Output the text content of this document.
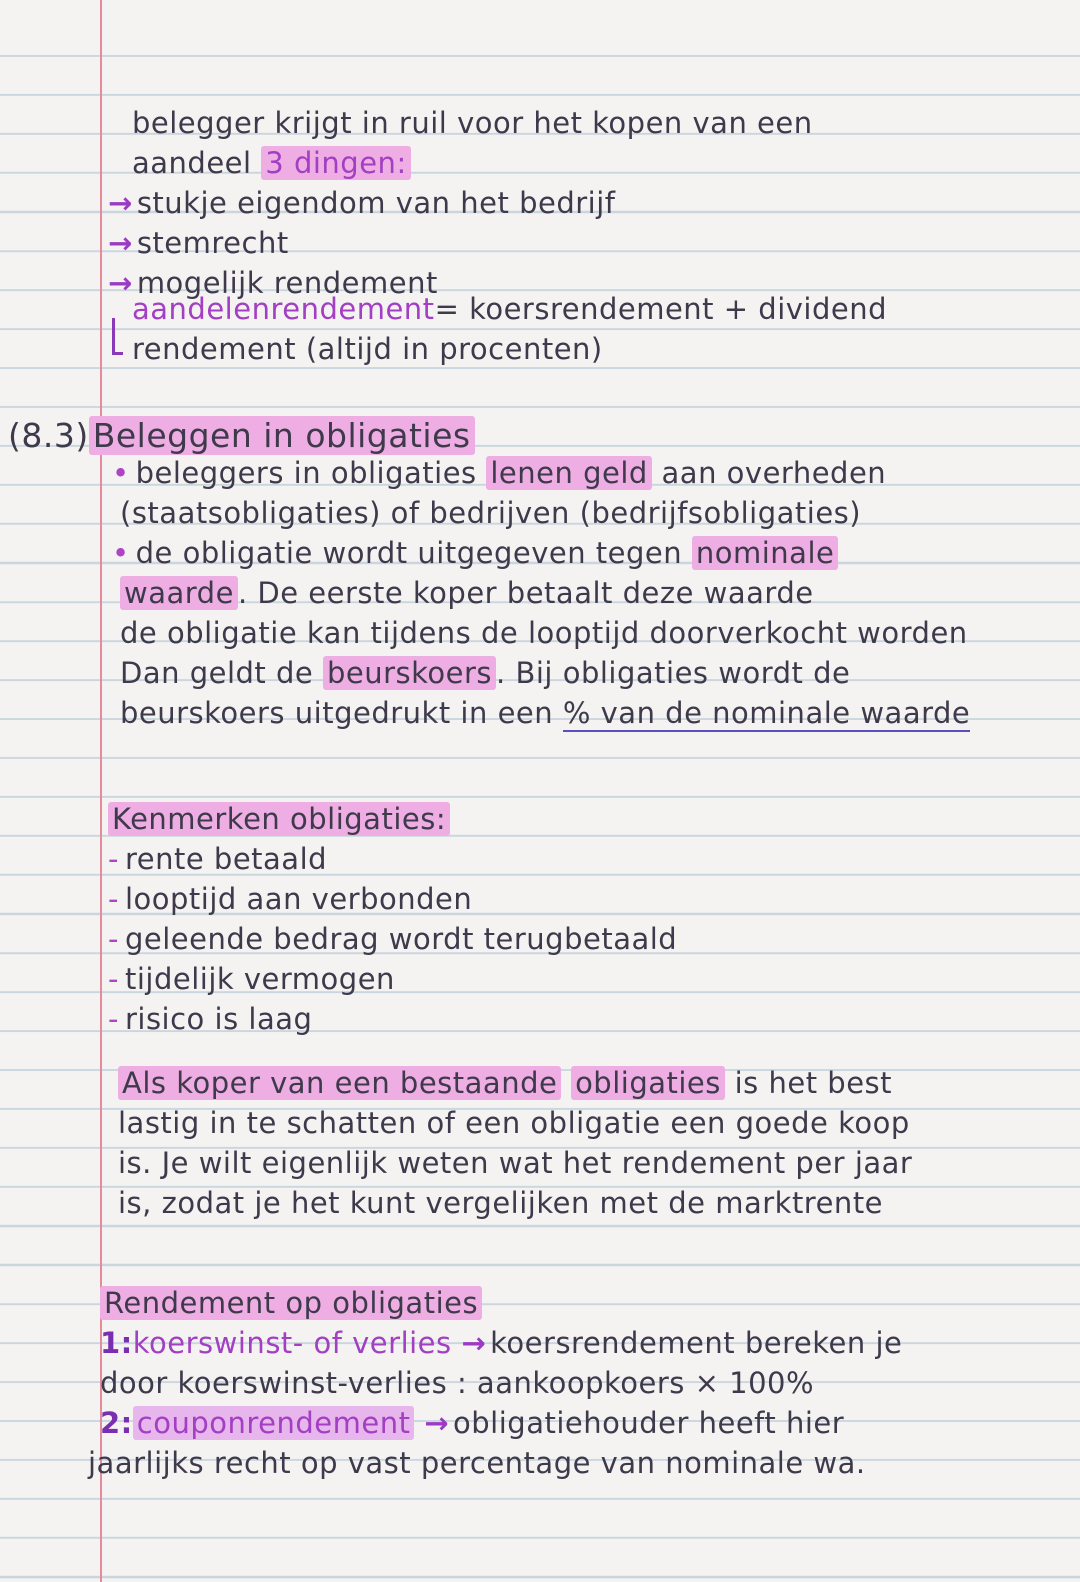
belegger krijgt in ruil voor het kopen van een
aandeel 3 dingen:
→ stukje eigendom van het bedrijf
→ stemrecht
→ mogelijk rendement
aandelenrendement= koersrendement + dividend
rendement (altijd in procenten)
(8.3) Beleggen in obligaties
• beleggers in obligaties lenen geld aan overheden
(staatsobligaties) of bedrijven (bedrijfsobligaties)
• de obligatie wordt uitgegeven tegen nominale
waarde . De eerste koper betaalt deze waarde
de obligatie kan tijdens de looptijd doorverkocht worden
Dan geldt de beurskoers . Bij obligaties wordt de
beurskoers uitgedrukt in een % van de nominale waarde
Kenmerken obligaties:
- rente betaald
- looptijd aan verbonden
- geleende bedrag wordt terugbetaald
- tijdelijk vermogen
- risico is laag
Als koper van een bestaande obligaties is het best
lastig in te schatten of een obligatie een goede koop
is. Je wilt eigenlijk weten wat het rendement per jaar
is, zodat je het kunt vergelijken met de marktrente
Rendement op obligaties
1:koerswinst- of verlies → koersrendement bereken je
door koerswinst-verlies : aankoopkoers × 100%
2: couponrendement → obligatiehouder heeft hier
jaarlijks recht op vast percentage van nominale wa.
